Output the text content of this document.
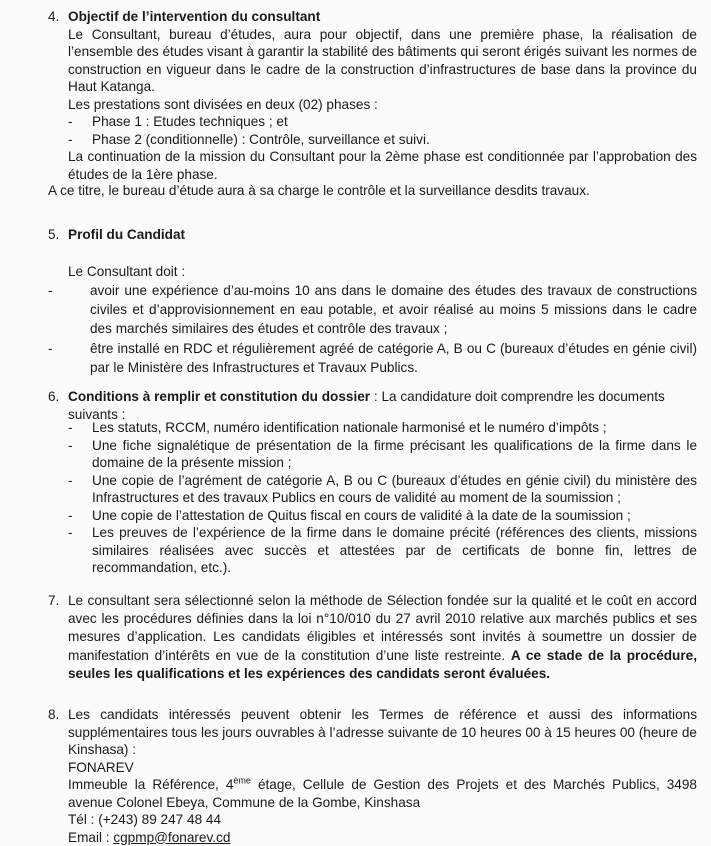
4. Objectif de l’intervention du consultant

Le Consultant, bureau d’études, aura pour objectif, dans une première phase, la réalisation de l’ensemble des études visant à garantir la stabilité des bâtiments qui seront érigés suivant les normes de construction en vigueur dans le cadre de la construction d’infrastructures de base dans la province du Haut Katanga.

Les prestations sont divisées en deux (02) phases :

- Phase 1 : Etudes techniques ; et
- Phase 2 (conditionnelle) : Contrôle, surveillance et suivi.

La continuation de la mission du Consultant pour la 2ème phase est conditionnée par l’approbation des études de la 1ère phase.

A ce titre, le bureau d’étude aura à sa charge le contrôle et la surveillance desdits travaux.

5. Profil du Candidat

Le Consultant doit :

- avoir une expérience d’au-moins 10 ans dans le domaine des études des travaux de constructions civiles et d’approvisionnement en eau potable, et avoir réalisé au moins 5 missions dans le cadre des marchés similaires des études et contrôle des travaux ;
- être installé en RDC et régulièrement agréé de catégorie A, B ou C (bureaux d’études en génie civil) par le Ministère des Infrastructures et Travaux Publics.
6. Conditions à remplir et constitution du dossier : La candidature doit comprendre les documents suivants :

- Les statuts, RCCM, numéro identification nationale harmonisé et le numéro d’impôts ;
- Une fiche signalétique de présentation de la firme précisant les qualifications de la firme dans le domaine de la présente mission ;
- Une copie de l’agrément de catégorie A, B ou C (bureaux d’études en génie civil) du ministère des Infrastructures et des travaux Publics en cours de validité au moment de la soumission ;
- Une copie de l’attestation de Quitus fiscal en cours de validité à la date de la soumission ;
- Les preuves de l’expérience de la firme dans le domaine précité (références des clients, missions similaires réalisées avec succès et attestées par de certificats de bonne fin, lettres de recommandation, etc.).
7. Le consultant sera sélectionné selon la méthode de Sélection fondée sur la qualité et le coût en accord avec les procédures définies dans la loi n°10/010 du 27 avril 2010 relative aux marchés publics et ses mesures d’application. Les candidats éligibles et intéressés sont invités à soumettre un dossier de manifestation d’intérêts en vue de la constitution d’une liste restreinte. A ce stade de la procédure, seules les qualifications et les expériences des candidats seront évaluées.

8. Les candidats intéressés peuvent obtenir les Termes de référence et aussi des informations supplémentaires tous les jours ouvrables à l’adresse suivante de 10 heures 00 à 15 heures 00 (heure de Kinshasa) :

FONAREV

Immeuble la Référence, 4ème étage, Cellule de Gestion des Projets et des Marchés Publics, 3498 avenue Colonel Ebeya, Commune de la Gombe, Kinshasa

Tél : (+243) 89 247 48 44

Email : cgpmp@fonarev.cd
